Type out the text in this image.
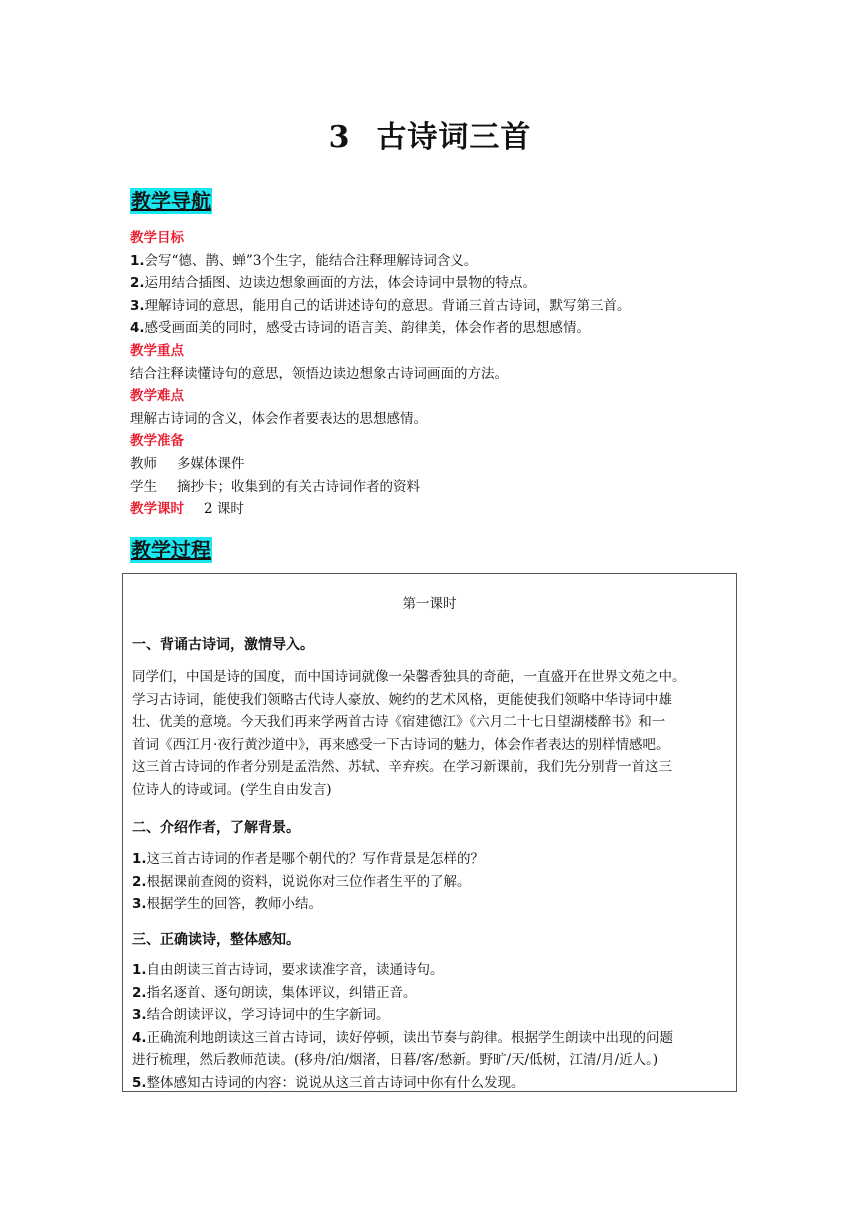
3 古诗词三首
教学导航

教学目标

1.会写“德、鹊、蝉”3个生字，能结合注释理解诗词含义。

2.运用结合插图、边读边想象画面的方法，体会诗词中景物的特点。

3.理解诗词的意思，能用自己的话讲述诗句的意思。背诵三首古诗词，默写第三首。

4.感受画面美的同时，感受古诗词的语言美、韵律美，体会作者的思想感情。

教学重点

结合注释读懂诗句的意思，领悟边读边想象古诗词画面的方法。

教学难点

理解古诗词的含义，体会作者要表达的思想感情。

教学准备

教师 多媒体课件

学生 摘抄卡；收集到的有关古诗词作者的资料

教学课时 2 课时

教学过程
第一课时
一、背诵古诗词，激情导入。

同学们，中国是诗的国度，而中国诗词就像一朵馨香独具的奇葩，一直盛开在世界文苑之中。

学习古诗词，能使我们领略古代诗人豪放、婉约的艺术风格，更能使我们领略中华诗词中雄

壮、优美的意境。今天我们再来学两首古诗《宿建德江》《六月二十七日望湖楼醉书》和一

首词《西江月·夜行黄沙道中》，再来感受一下古诗词的魅力，体会作者表达的别样情感吧。

这三首古诗词的作者分别是孟浩然、苏轼、辛弃疾。在学习新课前，我们先分别背一首这三

位诗人的诗或词。(学生自由发言)

二、介绍作者，了解背景。

1.这三首古诗词的作者是哪个朝代的？写作背景是怎样的？

2.根据课前查阅的资料，说说你对三位作者生平的了解。

3.根据学生的回答，教师小结。

三、正确读诗，整体感知。

1.自由朗读三首古诗词，要求读准字音，读通诗句。

2.指名逐首、逐句朗读，集体评议，纠错正音。

3.结合朗读评议，学习诗词中的生字新词。

4.正确流利地朗读这三首古诗词，读好停顿，读出节奏与韵律。根据学生朗读中出现的问题

进行梳理，然后教师范读。(移舟/泊/烟渚，日暮/客/愁新。野旷/天/低树，江清/月/近人。)

5.整体感知古诗词的内容：说说从这三首古诗词中你有什么发现。
